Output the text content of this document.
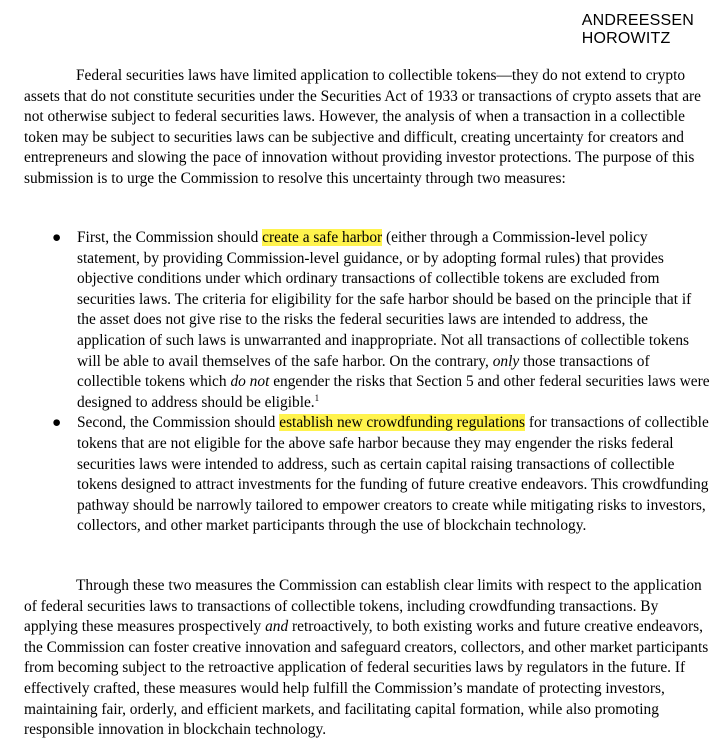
ANDREESSEN
HOROWITZ

Federal securities laws have limited application to collectible tokens—they do not extend to crypto assets that do not constitute securities under the Securities Act of 1933 or transactions of crypto assets that are not otherwise subject to federal securities laws. However, the analysis of when a transaction in a collectible token may be subject to securities laws can be subjective and difficult, creating uncertainty for creators and entrepreneurs and slowing the pace of innovation without providing investor protections. The purpose of this submission is to urge the Commission to resolve this uncertainty through two measures:

● First, the Commission should create a safe harbor (either through a Commission-level policy statement, by providing Commission-level guidance, or by adopting formal rules) that provides objective conditions under which ordinary transactions of collectible tokens are excluded from securities laws. The criteria for eligibility for the safe harbor should be based on the principle that if the asset does not give rise to the risks the federal securities laws are intended to address, the application of such laws is unwarranted and inappropriate. Not all transactions of collectible tokens will be able to avail themselves of the safe harbor. On the contrary, only those transactions of collectible tokens which do not engender the risks that Section 5 and other federal securities laws were designed to address should be eligible.$^1$
● Second, the Commission should establish new crowdfunding regulations for transactions of collectible tokens that are not eligible for the above safe harbor because they may engender the risks federal securities laws were intended to address, such as certain capital raising transactions of collectible tokens designed to attract investments for the funding of future creative endeavors. This crowdfunding pathway should be narrowly tailored to empower creators to create while mitigating risks to investors, collectors, and other market participants through the use of blockchain technology.

Through these two measures the Commission can establish clear limits with respect to the application of federal securities laws to transactions of collectible tokens, including crowdfunding transactions. By applying these measures prospectively and retroactively, to both existing works and future creative endeavors, the Commission can foster creative innovation and safeguard creators, collectors, and other market participants from becoming subject to the retroactive application of federal securities laws by regulators in the future. If effectively crafted, these measures would help fulfill the Commission’s mandate of protecting investors, maintaining fair, orderly, and efficient markets, and facilitating capital formation, while also promoting responsible innovation in blockchain technology.
